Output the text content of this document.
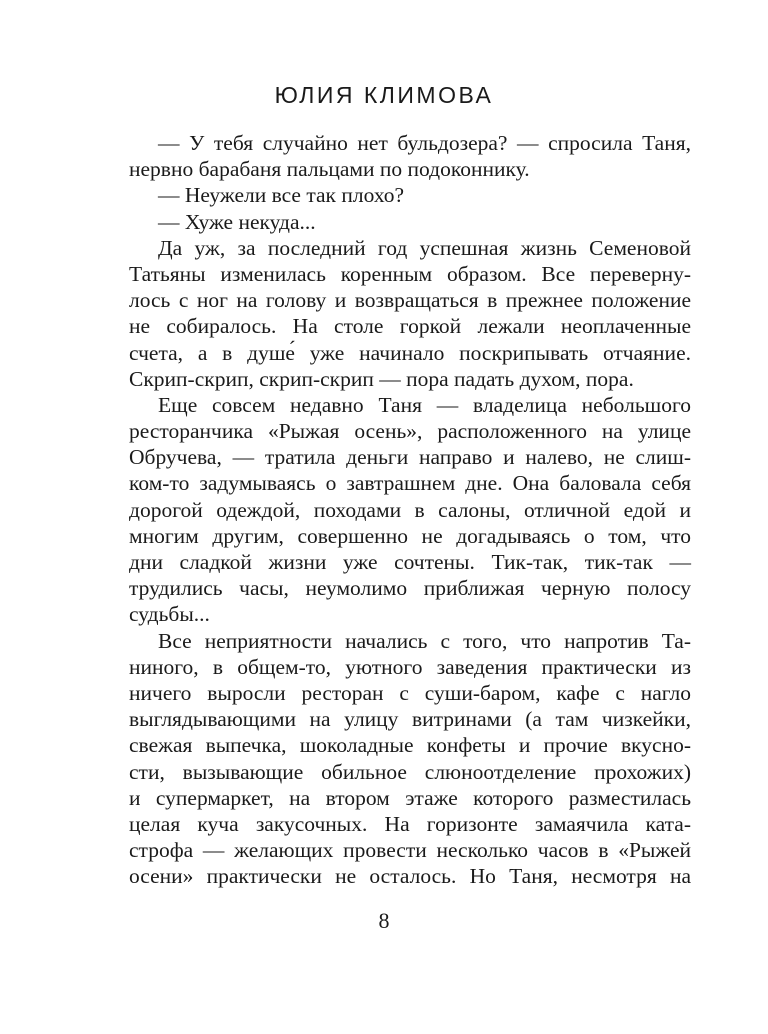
ЮЛИЯ КЛИМОВА
— У тебя случайно нет бульдозера? — спросила Таня,
нервно барабаня пальцами по подоконнику.
— Неужели все так плохо?
— Хуже некуда...
Да уж, за последний год успешная жизнь Семеновой
Татьяны изменилась коренным образом. Все переверну-
лось с ног на голову и возвращаться в прежнее положение
не собиралось. На столе горкой лежали неоплаченные
счета, а в душе́ уже начинало поскрипывать отчаяние.
Скрип-скрип, скрип-скрип — пора падать духом, пора.
Еще совсем недавно Таня — владелица небольшого
ресторанчика «Рыжая осень», расположенного на улице
Обручева, — тратила деньги направо и налево, не слиш-
ком-то задумываясь о завтрашнем дне. Она баловала себя
дорогой одеждой, походами в салоны, отличной едой и
многим другим, совершенно не догадываясь о том, что
дни сладкой жизни уже сочтены. Тик-так, тик-так —
трудились часы, неумолимо приближая черную полосу
судьбы...
Все неприятности начались с того, что напротив Та-
ниного, в общем-то, уютного заведения практически из
ничего выросли ресторан с суши-баром, кафе с нагло
выглядывающими на улицу витринами (а там чизкейки,
свежая выпечка, шоколадные конфеты и прочие вкусно-
сти, вызывающие обильное слюноотделение прохожих)
и супермаркет, на втором этаже которого разместилась
целая куча закусочных. На горизонте замаячила ката-
строфа — желающих провести несколько часов в «Рыжей
осени» практически не осталось. Но Таня, несмотря на
8
